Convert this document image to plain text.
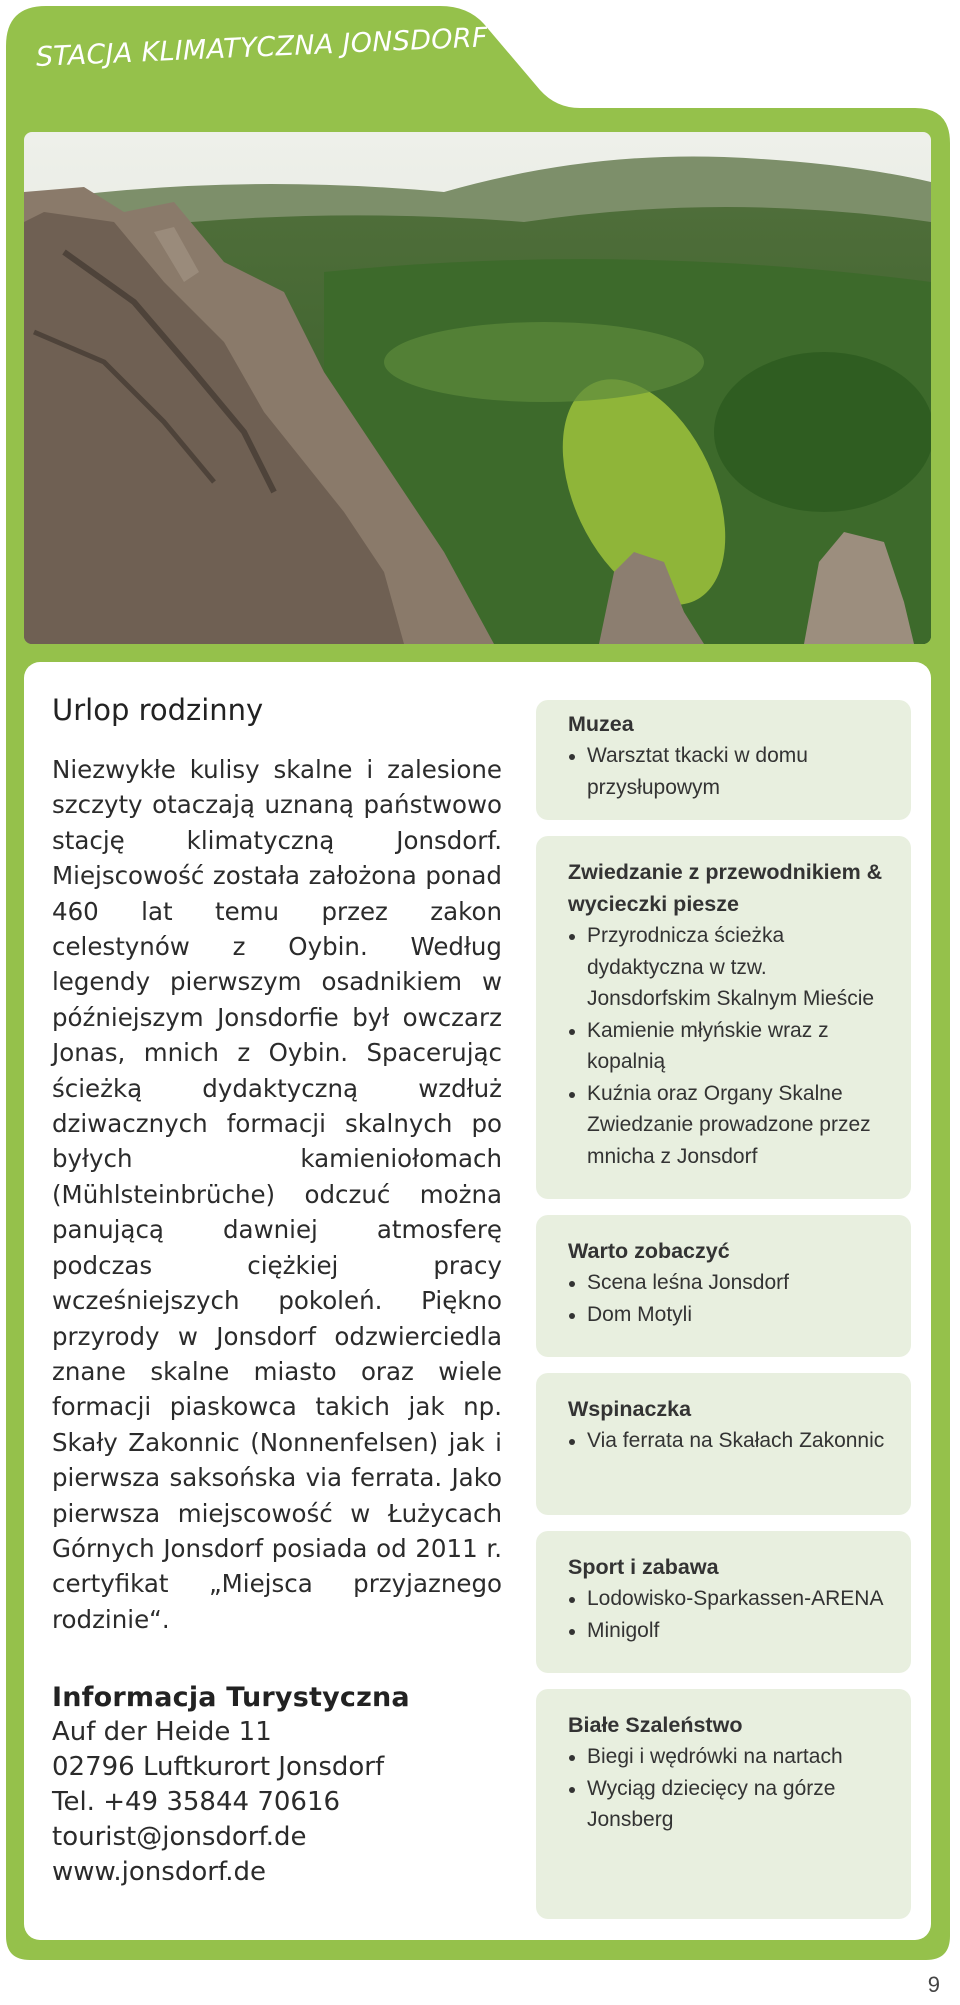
STACJA KLIMATYCZNA JONSDORF
Urlop rodzinny

Niezwykłe kulisy skalne i zalesione szczyty otaczają uznaną państwowo stację klimatyczną Jonsdorf. Miejscowość została założona ponad 460 lat temu przez zakon celestynów z Oybin. Według legendy pierwszym osadnikiem w późniejszym Jonsdorfie był owczarz Jonas, mnich z Oybin. Spacerując ścieżką dydaktyczną wzdłuż dziwacznych formacji skalnych po byłych kamieniołomach (Mühlsteinbrüche) odczuć można panującą dawniej atmosferę podczas ciężkiej pracy wcześniejszych pokoleń. Piękno przyrody w Jonsdorf odzwierciedla znane skalne miasto oraz wiele formacji piaskowca takich jak np. Skały Zakonnic (Nonnenfelsen) jak i pierwsza saksońska via ferrata. Jako pierwsza miejscowość w Łużycach Górnych Jonsdorf posiada od 2011 r. certyfikat „Miejsca przyjaznego rodzinie“.

Informacja Turystyczna

Auf der Heide 11

02796 Luftkurort Jonsdorf

Tel. +49 35844 70616

tourist@jonsdorf.de

www.jonsdorf.de

Muzea

Warsztat tkacki w domu przysłupowym

Zwiedzanie z przewodnikiem & wycieczki piesze

Przyrodnicza ścieżka dydaktyczna w tzw. Jonsdorfskim Skalnym Mieście
Kamienie młyńskie wraz z kopalnią
Kuźnia oraz Organy Skalne Zwiedzanie prowadzone przez mnicha z Jonsdorf

Warto zobaczyć

Scena leśna Jonsdorf
Dom Motyli

Wspinaczka

Via ferrata na Skałach Zakonnic

Sport i zabawa

Lodowisko-Sparkassen-ARENA
Minigolf

Białe Szaleństwo

Biegi i wędrówki na nartach
Wyciąg dziecięcy na górze Jonsberg
9
